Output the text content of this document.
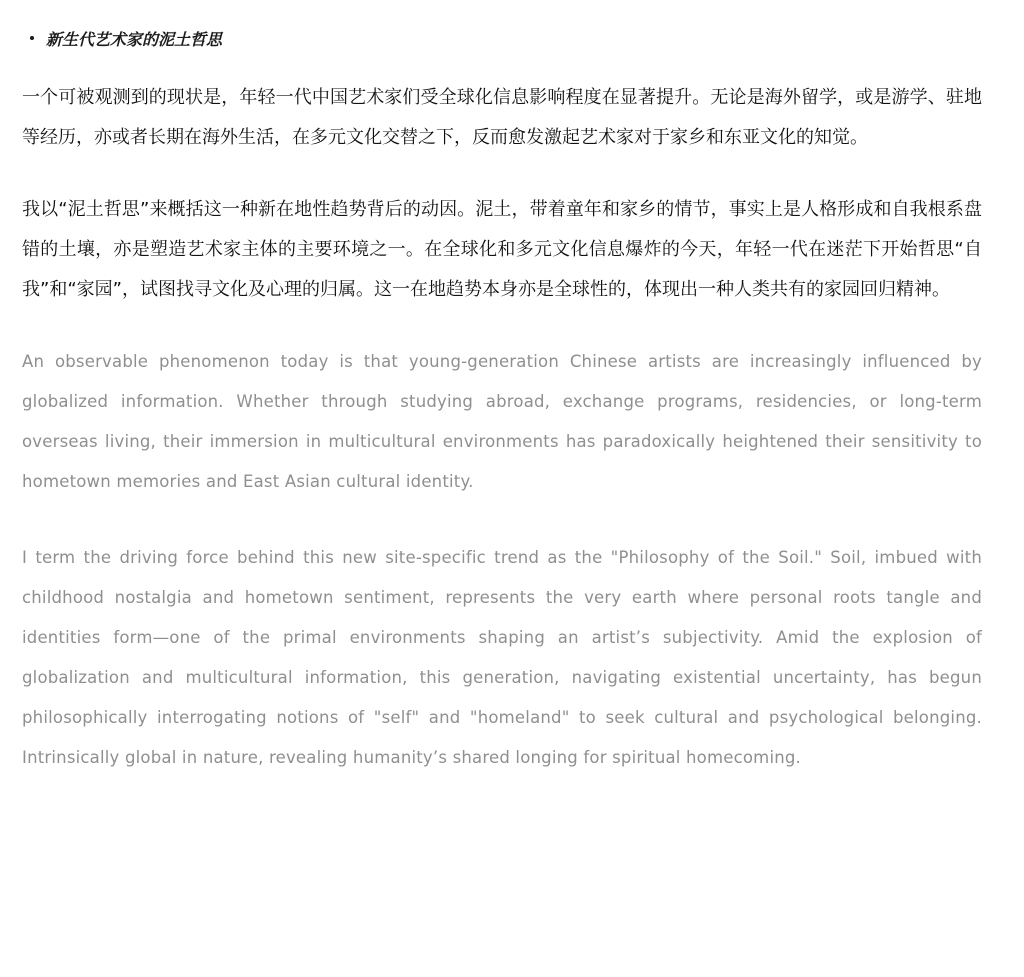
新生代艺术家的泥土哲思

一个可被观测到的现状是，年轻一代中国艺术家们受全球化信息影响程度在显著提升。无论是海外留学，或是游学、驻地等经历，亦或者长期在海外生活，在多元文化交替之下，反而愈发激起艺术家对于家乡和东亚文化的知觉。

我以“泥土哲思”来概括这一种新在地性趋势背后的动因。泥土，带着童年和家乡的情节，事实上是人格形成和自我根系盘错的土壤，亦是塑造艺术家主体的主要环境之一。在全球化和多元文化信息爆炸的今天，年轻一代在迷茫下开始哲思“自我”和“家园”，试图找寻文化及心理的归属。这一在地趋势本身亦是全球性的，体现出一种人类共有的家园回归精神。

An observable phenomenon today is that young-generation Chinese artists are increasingly influenced by globalized information. Whether through studying abroad, exchange programs, residencies, or long-term overseas living, their immersion in multicultural environments has paradoxically heightened their sensitivity to hometown memories and East Asian cultural identity.

I term the driving force behind this new site-specific trend as the "Philosophy of the Soil." Soil, imbued with childhood nostalgia and hometown sentiment, represents the very earth where personal roots tangle and identities form—one of the primal environments shaping an artist’s subjectivity. Amid the explosion of globalization and multicultural information, this generation, navigating existential uncertainty, has begun philosophically interrogating notions of "self" and "homeland" to seek cultural and psychological belonging. Intrinsically global in nature, revealing humanity’s shared longing for spiritual homecoming.
